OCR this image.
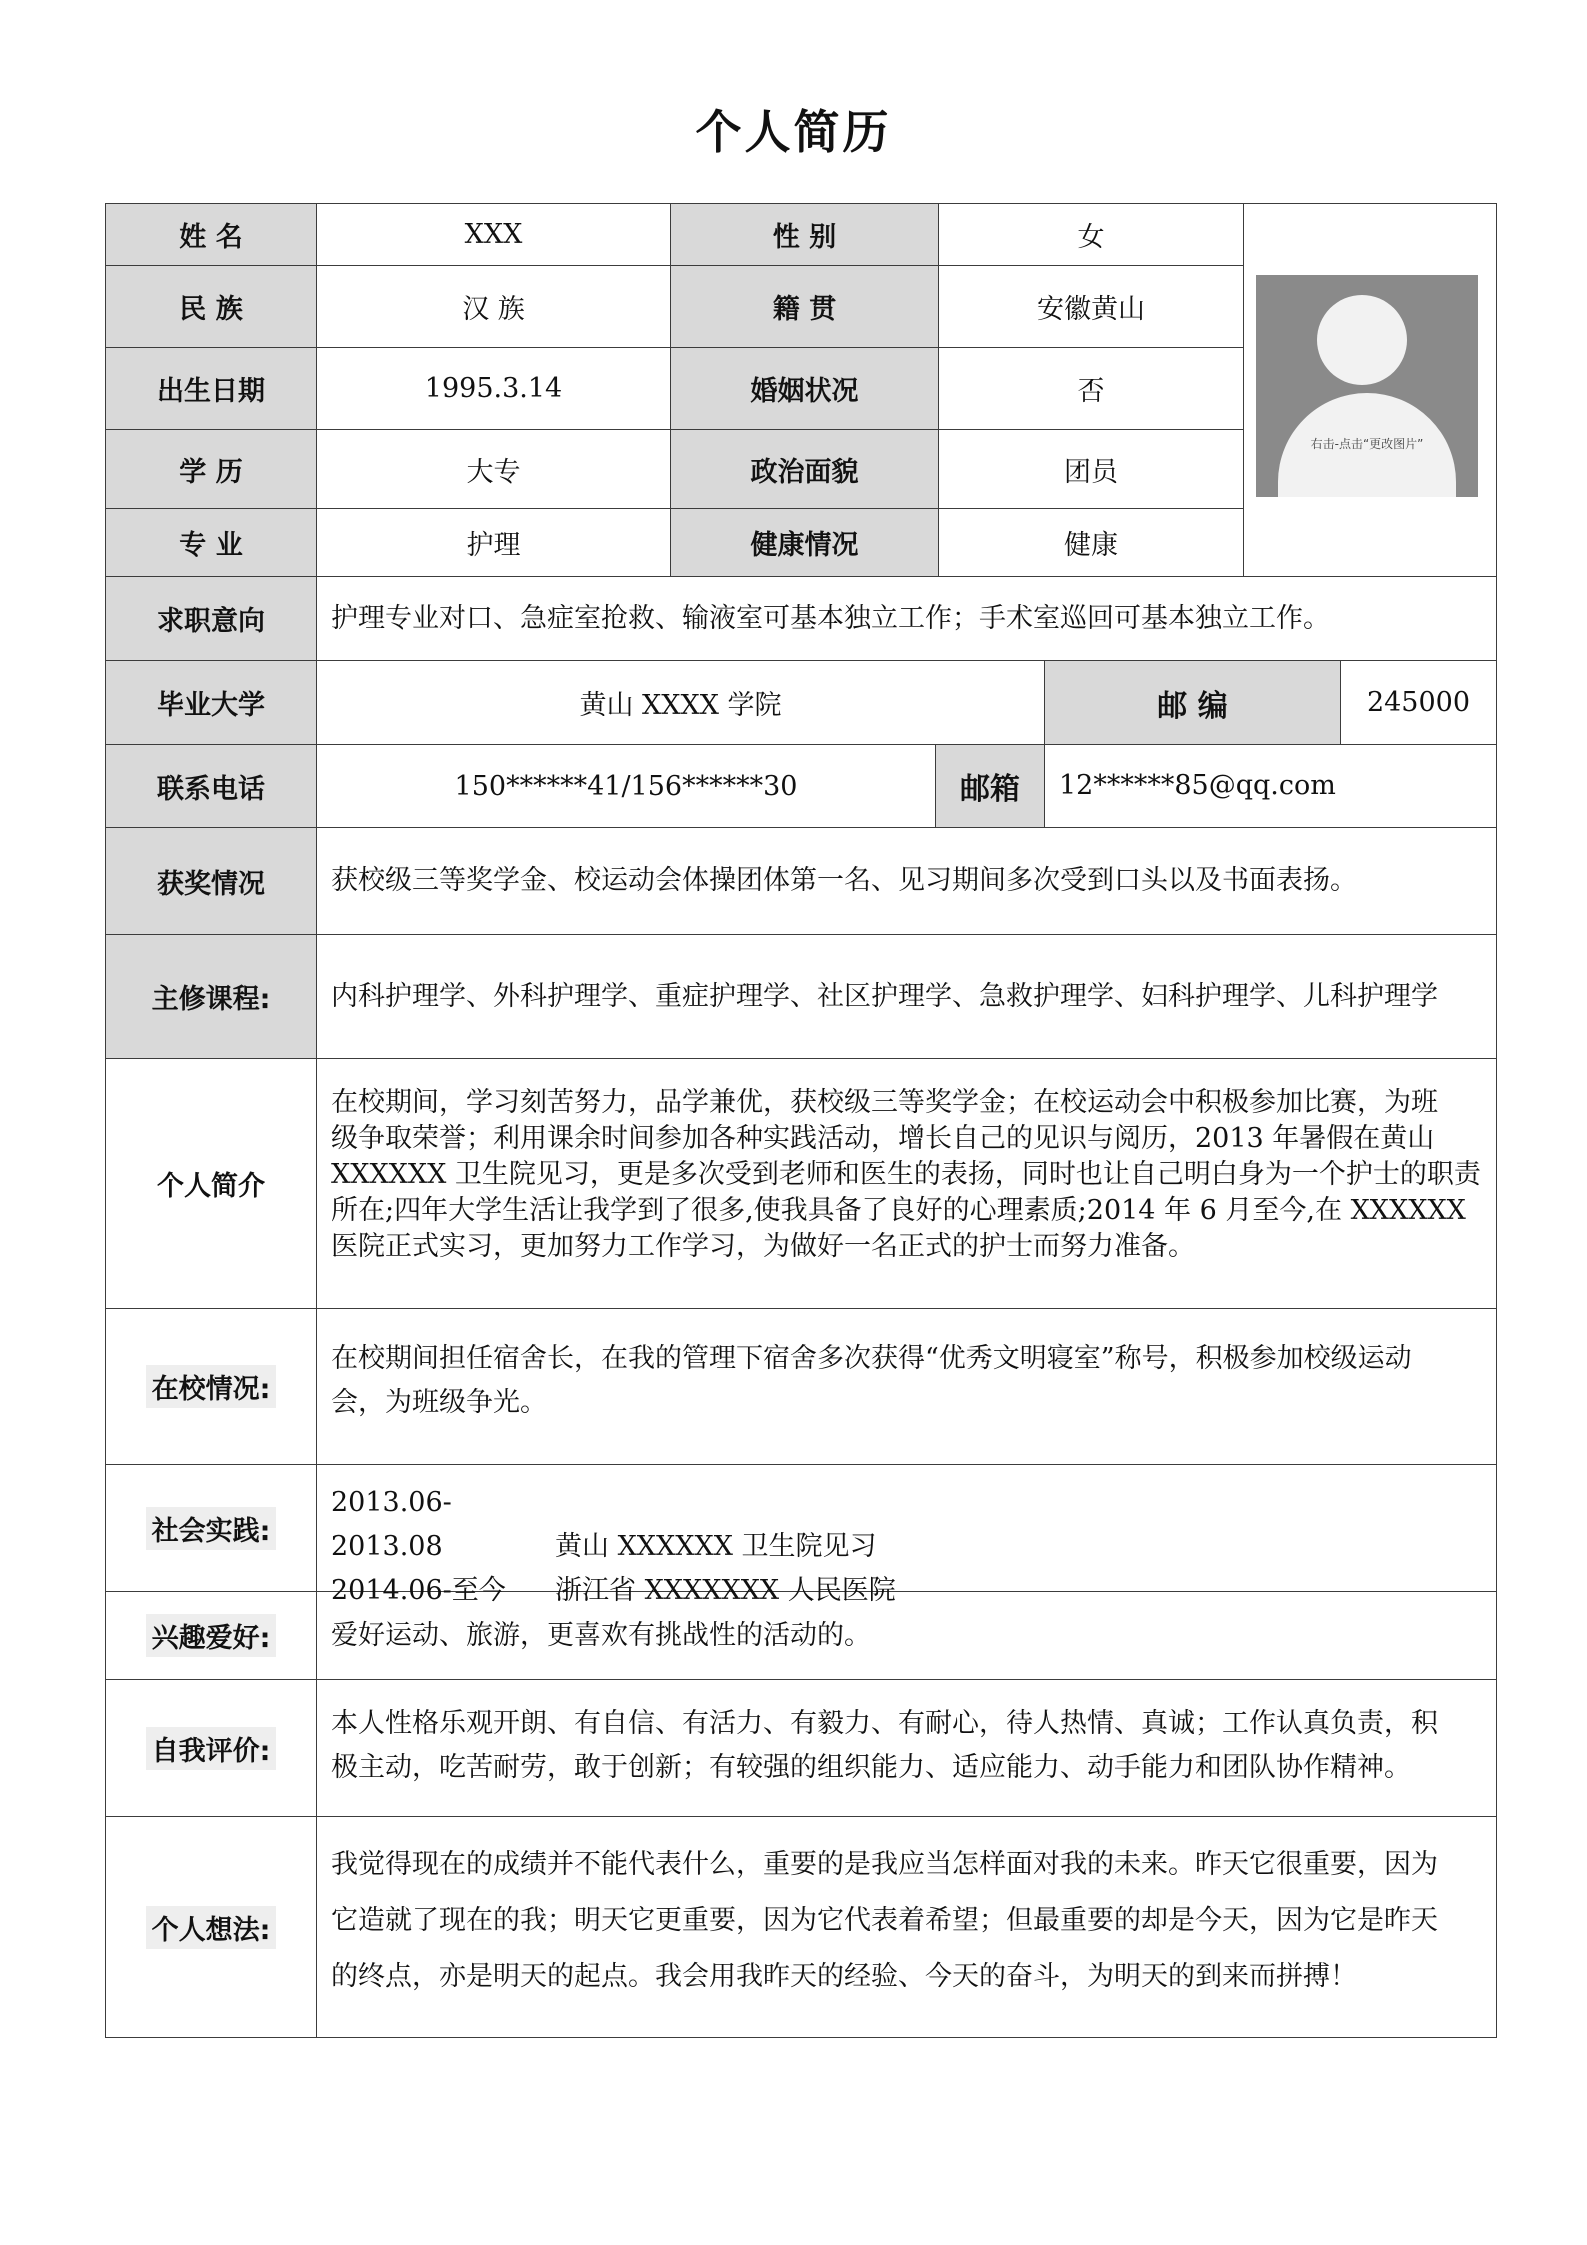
个人简历
姓 名	XXX	性 别	女
右击-点击“更改图片”
民 族	汉 族	籍 贯	安徽黄山
出生日期	1995.3.14	婚姻状况	否
学 历	大专	政治面貌	团员
专 业	护理	健康情况	健康
求职意向	护理专业对口、急症室抢救、输液室可基本独立工作；手术室巡回可基本独立工作。
毕业大学	黄山 XXXX 学院	邮 编	245000
联系电话	150******41/156******30	邮箱	12******85@qq.com
获奖情况	获校级三等奖学金、校运动会体操团体第一名、见习期间多次受到口头以及书面表扬。
主修课程:	内科护理学、外科护理学、重症护理学、社区护理学、急救护理学、妇科护理学、儿科护理学
个人简介
在校期间，学习刻苦努力，品学兼优，获校级三等奖学金；在校运动会中积极参加比赛，为班
级争取荣誉；利用课余时间参加各种实践活动，增长自己的见识与阅历，2013 年暑假在黄山
XXXXXX 卫生院见习，更是多次受到老师和医生的表扬，同时也让自己明白身为一个护士的职责
所在;四年大学生活让我学到了很多,使我具备了良好的心理素质;2014 年 6 月至今,在 XXXXXX
医院正式实习，更加努力工作学习，为做好一名正式的护士而努力准备。
在校情况:
在校期间担任宿舍长，在我的管理下宿舍多次获得“优秀文明寝室”称号，积极参加校级运动
会，为班级争光。
社会实践:
2013.06-2013.08	黄山 XXXXXX 卫生院见习
2014.06-至今 浙江省 XXXXXXX 人民医院
兴趣爱好:	爱好运动、旅游，更喜欢有挑战性的活动的。
自我评价:
本人性格乐观开朗、有自信、有活力、有毅力、有耐心，待人热情、真诚；工作认真负责，积
极主动，吃苦耐劳，敢于创新；有较强的组织能力、适应能力、动手能力和团队协作精神。
个人想法:
我觉得现在的成绩并不能代表什么，重要的是我应当怎样面对我的未来。昨天它很重要，因为
它造就了现在的我；明天它更重要，因为它代表着希望；但最重要的却是今天，因为它是昨天
的终点，亦是明天的起点。我会用我昨天的经验、今天的奋斗，为明天的到来而拼搏！
